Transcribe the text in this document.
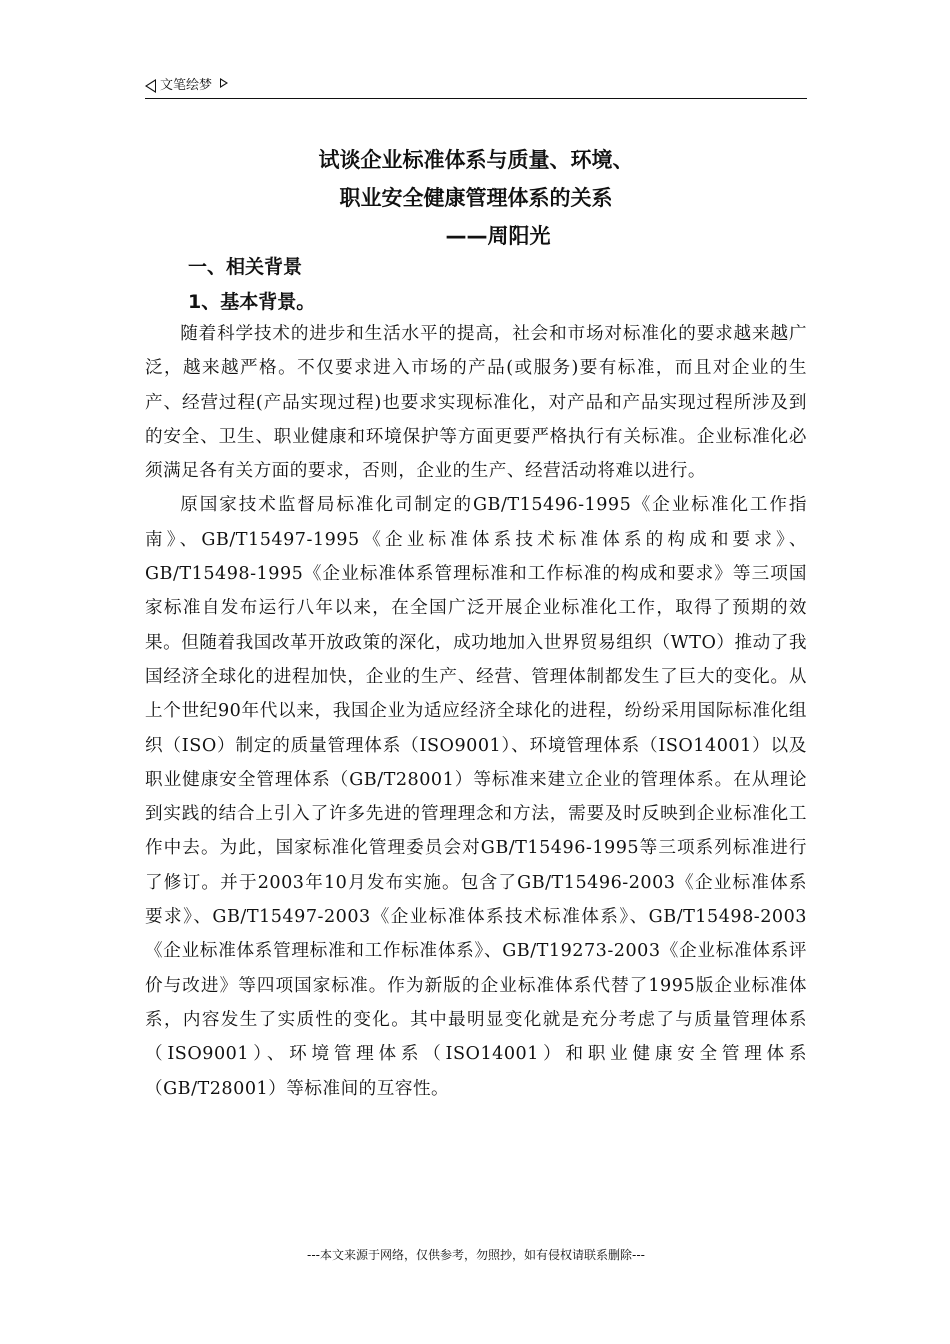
文笔绘梦
试谈企业标准体系与质量、环境、
职业安全健康管理体系的关系
——周阳光
一、相关背景
1、基本背景。

随着科学技术的进步和生活水平的提高，社会和市场对标准化的要求越来越广泛，越来越严格。不仅要求进入市场的产品(或服务)要有标准，而且对企业的生产、经营过程(产品实现过程)也要求实现标准化，对产品和产品实现过程所涉及到的安全、卫生、职业健康和环境保护等方面更要严格执行有关标准。企业标准化必须满足各有关方面的要求，否则，企业的生产、经营活动将难以进行。

原国家技术监督局标准化司制定的GB/T15496-1995《企业标准化工作指南》、GB/T15497-1995《企业标准体系技术标准体系的构成和要求》、GB/T15498-1995《企业标准体系管理标准和工作标准的构成和要求》等三项国家标准自发布运行八年以来，在全国广泛开展企业标准化工作，取得了预期的效果。但随着我国改革开放政策的深化，成功地加入世界贸易组织（WTO）推动了我国经济全球化的进程加快，企业的生产、经营、管理体制都发生了巨大的变化。从上个世纪90年代以来，我国企业为适应经济全球化的进程，纷纷采用国际标准化组织（ISO）制定的质量管理体系（ISO9001）、环境管理体系（ISO14001）以及职业健康安全管理体系（GB/T28001）等标准来建立企业的管理体系。在从理论到实践的结合上引入了许多先进的管理理念和方法，需要及时反映到企业标准化工作中去。为此，国家标准化管理委员会对GB/T15496-1995等三项系列标准进行了修订。并于2003年10月发布实施。包含了GB/T15496-2003《企业标准体系要求》、GB/T15497-2003《企业标准体系技术标准体系》、GB/T15498-2003《企业标准体系管理标准和工作标准体系》、GB/T19273-2003《企业标准体系评价与改进》等四项国家标准。作为新版的企业标准体系代替了1995版企业标准体系，内容发生了实质性的变化。其中最明显变化就是充分考虑了与质量管理体系（ISO9001）、环境管理体系（ISO14001）和职业健康安全管理体系（GB/T28001）等标准间的互容性。

---本文来源于网络，仅供参考，勿照抄，如有侵权请联系删除---
